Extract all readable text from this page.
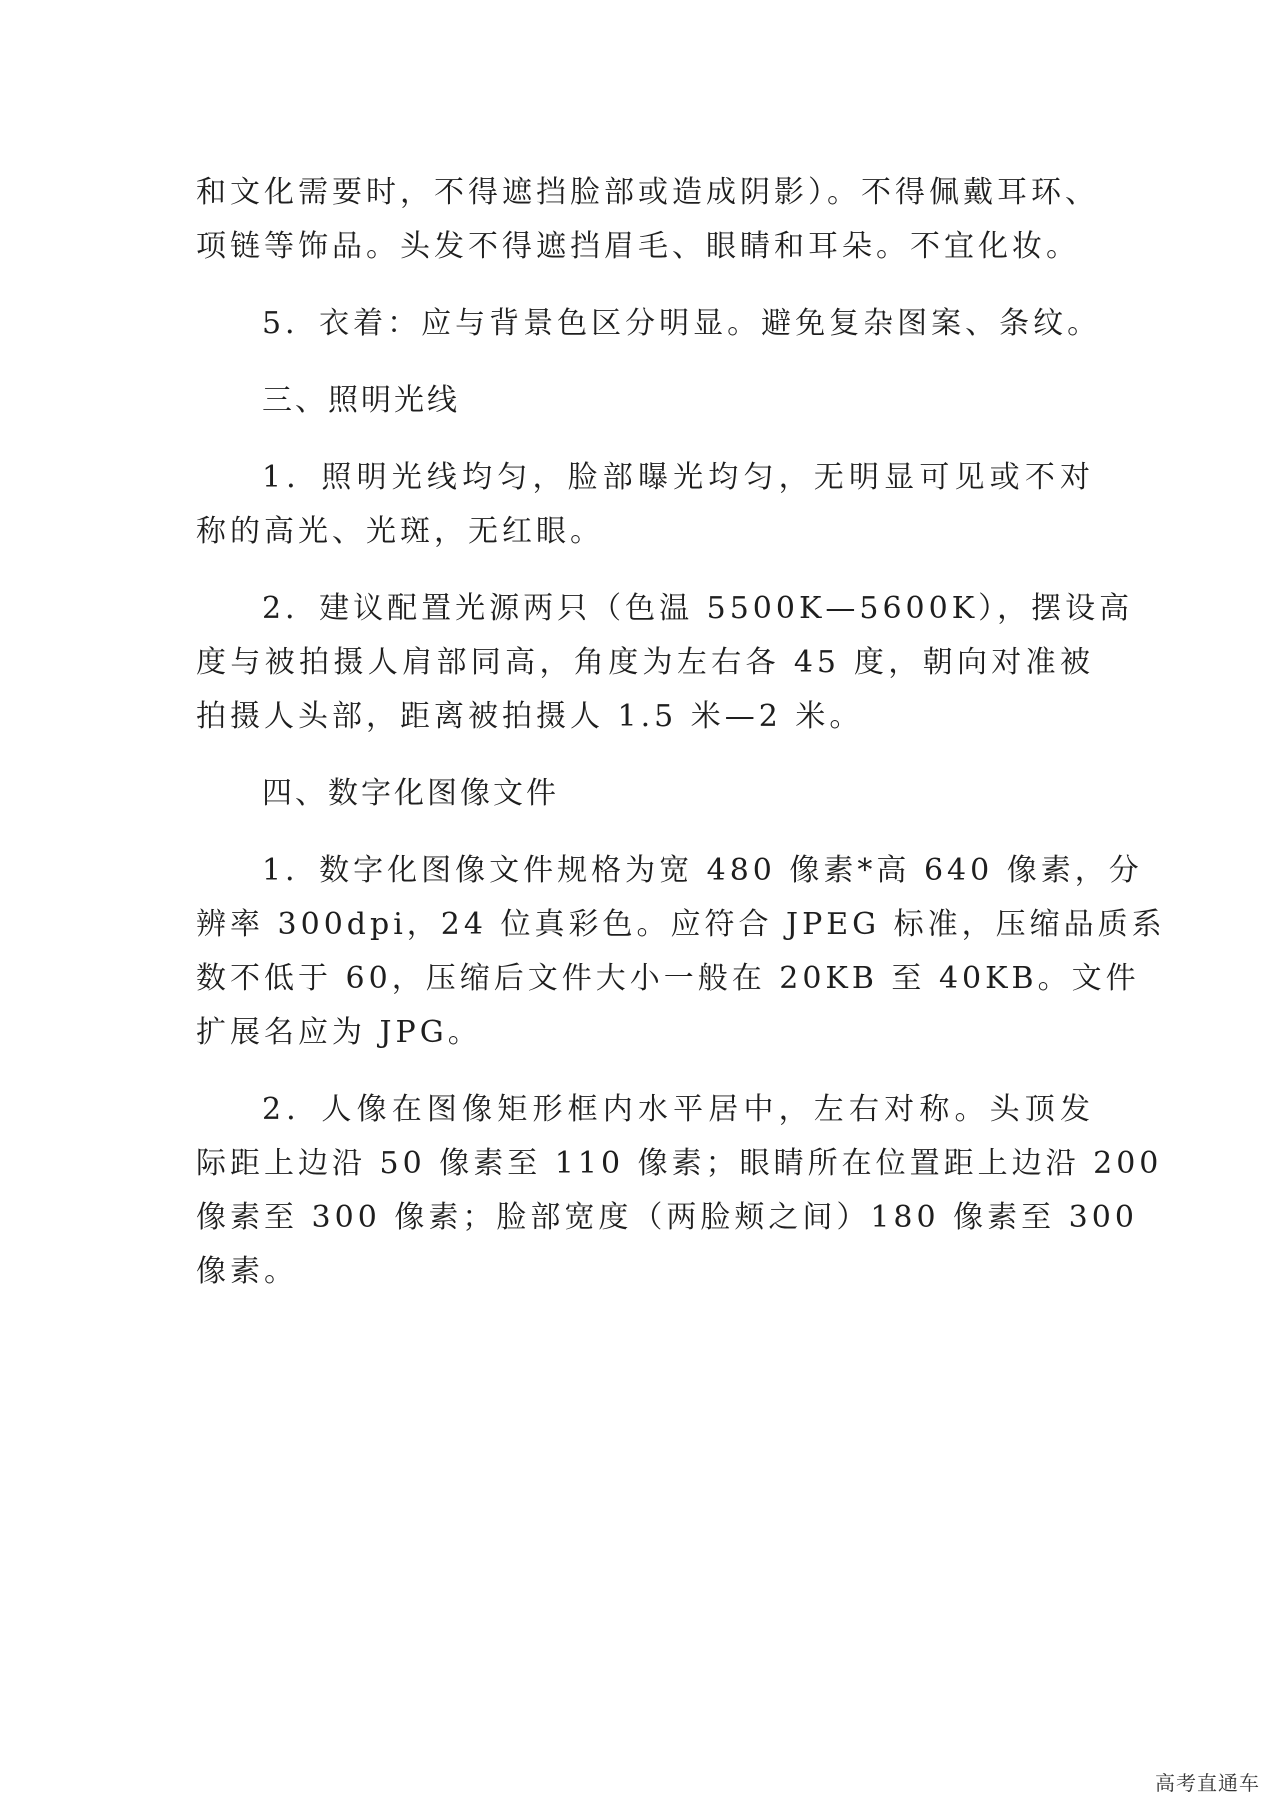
和文化需要时，不得遮挡脸部或造成阴影）。不得佩戴耳环、
项链等饰品。头发不得遮挡眉毛、眼睛和耳朵。不宜化妆。
5．衣着：应与背景色区分明显。避免复杂图案、条纹。
三、照明光线
1．照明光线均匀，脸部曝光均匀，无明显可见或不对
称的高光、光斑，无红眼。
2．建议配置光源两只（色温 5500K—5600K），摆设高
度与被拍摄人肩部同高，角度为左右各 45 度，朝向对准被
拍摄人头部，距离被拍摄人 1.5 米—2 米。
四、数字化图像文件
1．数字化图像文件规格为宽 480 像素*高 640 像素，分
辨率 300dpi，24 位真彩色。应符合 JPEG 标准，压缩品质系
数不低于 60，压缩后文件大小一般在 20KB 至 40KB。文件
扩展名应为 JPG。
2．人像在图像矩形框内水平居中，左右对称。头顶发
际距上边沿 50 像素至 110 像素；眼睛所在位置距上边沿 200
像素至 300 像素；脸部宽度（两脸颊之间）180 像素至 300
像素。
高考直通车
